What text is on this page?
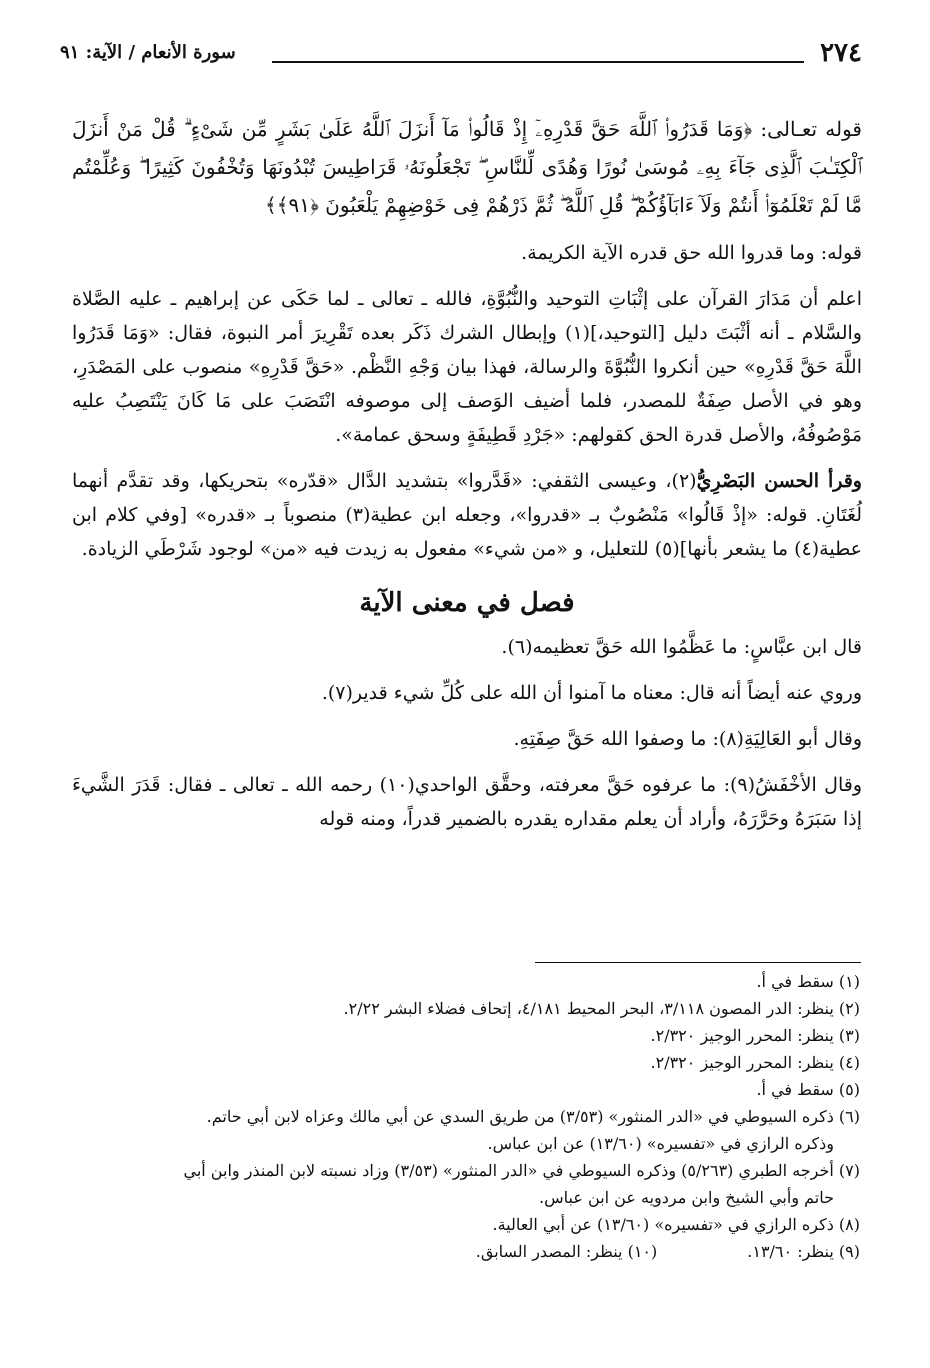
٢٧٤
سورة الأنعام / الآية: ٩١

قوله تعـالى: ﴿وَمَا قَدَرُوا۟ ٱللَّهَ حَقَّ قَدْرِهِۦٓ إِذْ قَالُوا۟ مَآ أَنزَلَ ٱللَّهُ عَلَىٰ بَشَرٍ مِّن شَىْءٍ ۗ قُلْ مَنْ أَنزَلَ ٱلْكِتَـٰبَ ٱلَّذِى جَآءَ بِهِۦ مُوسَىٰ نُورًا وَهُدًى لِّلنَّاسِ ۖ تَجْعَلُونَهُۥ قَرَاطِيسَ تُبْدُونَهَا وَتُخْفُونَ كَثِيرًا ۖ وَعُلِّمْتُم مَّا لَمْ تَعْلَمُوٓا۟ أَنتُمْ وَلَآ ءَابَآؤُكُمْ ۖ قُلِ ٱللَّهُ ۖ ثُمَّ ذَرْهُمْ فِى خَوْضِهِمْ يَلْعَبُونَ ﴿٩١﴾﴾

قوله: وما قدروا الله حق قدره الآية الكريمة.

اعلم أن مَدَارَ القرآن على إثْبَاتِ التوحيد والنُّبُوَّةِ، فالله ـ تعالى ـ لما حَكَى عن إبراهيم ـ عليه الصَّلاة والسَّلام ـ أنه أثْبَتَ دليل [التوحيد،](١) وإبطال الشرك ذَكَر بعده تَقْرِيرَ أمر النبوة، فقال: «وَمَا قَدَرُوا اللَّهَ حَقَّ قَدْرِهِ» حين أنكروا النُّبُوَّةَ والرسالة، فهذا بيان وَجْهِ النَّظْم. «حَقَّ قَدْرِهِ» منصوب على المَصْدَرِ، وهو في الأصل صِفَةٌ للمصدر، فلما أضيف الوَصف إلى موصوفه انْتَصَبَ على مَا كَانَ يَنْتَصِبُ عليه مَوْصُوفُهُ، والأصل قدرة الحق كقولهم: «جَرْدِ قَطِيفَةٍ وسحق عمامة».

وقرأ الحسن البَصْرِيُّ(٢)، وعيسى الثقفي: «قَدَّروا» بتشديد الدَّال «قدّره» بتحريكها، وقد تقدَّم أنهما لُغَتَانِ. قوله: «إذْ قَالُوا» مَنْصُوبٌ بـ «قدروا»، وجعله ابن عطية(٣) منصوباً بـ «قدره» [وفي كلام ابن عطية(٤) ما يشعر بأنها](٥) للتعليل، و «من شيء» مفعول به زيدت فيه «من» لوجود شَرْطَي الزيادة.

فصل في معنى الآية

قال ابن عبَّاسٍ: ما عَظَّمُوا الله حَقَّ تعظيمه(٦).

وروي عنه أيضاً أنه قال: معناه ما آمنوا أن الله على كُلِّ شيء قدير(٧).

وقال أبو العَالِيَةِ(٨): ما وصفوا الله حَقَّ صِفَتِهِ.

وقال الأخْفَشُ(٩): ما عرفوه حَقَّ معرفته، وحقَّق الواحدي(١٠) رحمه الله ـ تعالى ـ فقال: قَدَرَ الشَّيءَ إذا سَبَرَهُ وحَرَّرَهُ، وأراد أن يعلم مقداره يقدره بالضمير قدراً، ومنه قوله

(١) سقط في أ.

(٢) ينظر: الدر المصون ٣/١١٨، البحر المحيط ٤/١٨١، إتحاف فضلاء البشر ٢/٢٢.

(٣) ينظر: المحرر الوجيز ٢/٣٢٠.

(٤) ينظر: المحرر الوجيز ٢/٣٢٠.

(٥) سقط في أ.

(٦) ذكره السيوطي في «الدر المنثور» (٣/٥٣) من طريق السدي عن أبي مالك وعزاه لابن أبي حاتم.

وذكره الرازي في «تفسيره» (١٣/٦٠) عن ابن عباس.

(٧) أخرجه الطبري (٥/٢٦٣) وذكره السيوطي في «الدر المنثور» (٣/٥٣) وزاد نسبته لابن المنذر وابن أبي

حاتم وأبي الشيخ وابن مردويه عن ابن عباس.

(٨) ذكره الرازي في «تفسيره» (١٣/٦٠) عن أبي العالية.

(٩) ينظر: ١٣/٦٠.
(١٠) ينظر: المصدر السابق.
